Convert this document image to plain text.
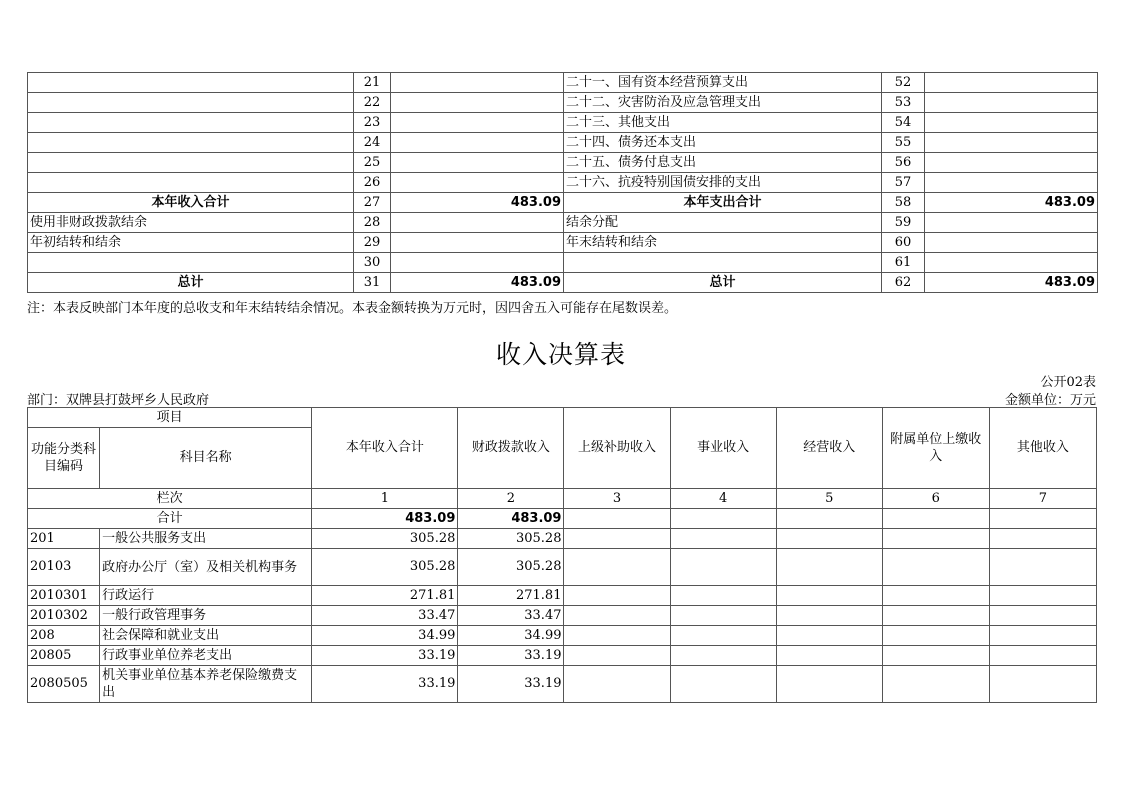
	21		二十一、国有资本经营预算支出	52	
	22		二十二、灾害防治及应急管理支出	53	
	23		二十三、其他支出	54	
	24		二十四、债务还本支出	55	
	25		二十五、债务付息支出	56	
	26		二十六、抗疫特别国债安排的支出	57	
本年收入合计	27	483.09	本年支出合计	58	483.09
使用非财政拨款结余	28		结余分配	59	
年初结转和结余	29		年末结转和结余	60	
	30			61	
总计	31	483.09	总计	62	483.09
注：本表反映部门本年度的总收支和年末结转结余情况。本表金额转换为万元时，因四舍五入可能存在尾数误差。
收入决算表
公开02表
部门：双牌县打鼓坪乡人民政府	金额单位：万元
项目		本年收入合计	财政拨款收入	上级补助收入	事业收入	经营收入	附属单位上缴收入	其他收入
功能分类科目编码	科目名称							
栏次		1	2	3	4	5	6	7
合计		483.09	483.09					
201	一般公共服务支出	305.28	305.28					
20103	政府办公厅（室）及相关机构事务	305.28	305.28					
2010301	行政运行	271.81	271.81					
2010302	一般行政管理事务	33.47	33.47					
208	社会保障和就业支出	34.99	34.99					
20805	行政事业单位养老支出	33.19	33.19					
2080505	机关事业单位基本养老保险缴费支出	33.19	33.19					
